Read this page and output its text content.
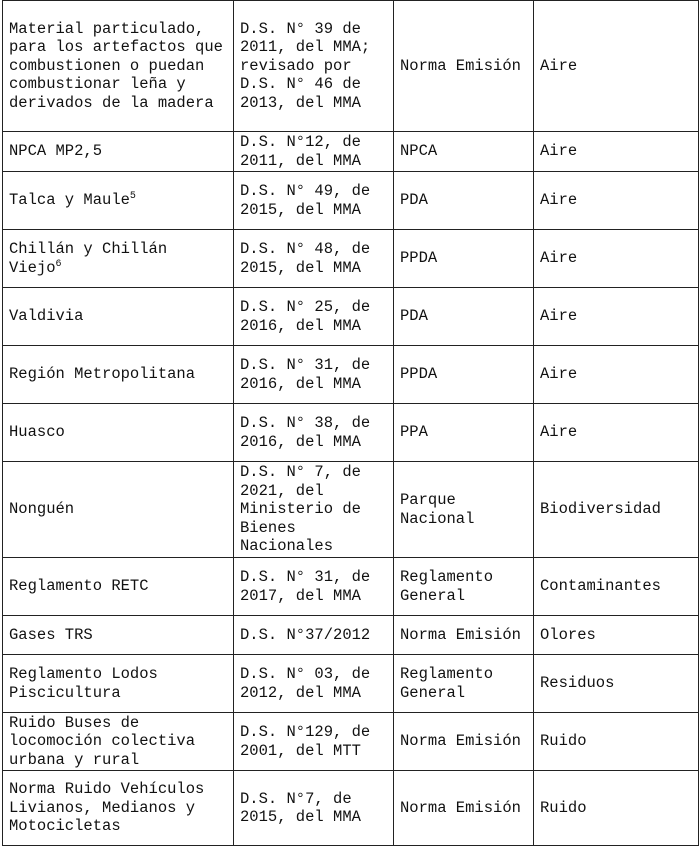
Material particulado, para los artefactos que combustionen o puedan combustionar leña y derivados de la madera	D.S. N° 39 de 2011, del MMA; revisado por D.S. N° 46 de 2013, del MMA	Norma Emisión	Aire
NPCA MP2,5	D.S. N°12, de 2011, del MMA	NPCA	Aire
Talca y Maule$^5$	D.S. N° 49, de 2015, del MMA	PDA	Aire
Chillán y Chillán Viejo$^6$	D.S. N° 48, de 2015, del MMA	PPDA	Aire
Valdivia	D.S. N° 25, de 2016, del MMA	PDA	Aire
Región Metropolitana	D.S. N° 31, de 2016, del MMA	PPDA	Aire
Huasco	D.S. N° 38, de 2016, del MMA	PPA	Aire
Nonguén	D.S. N° 7, de 2021, del Ministerio de Bienes Nacionales	Parque Nacional	Biodiversidad
Reglamento RETC	D.S. N° 31, de 2017, del MMA	Reglamento General	Contaminantes
Gases TRS	D.S. N°37/2012	Norma Emisión	Olores
Reglamento Lodos Piscicultura	D.S. N° 03, de 2012, del MMA	Reglamento General	Residuos
Ruido Buses de locomoción colectiva urbana y rural	D.S. N°129, de 2001, del MTT	Norma Emisión	Ruido
Norma Ruido Vehículos Livianos, Medianos y Motocicletas	D.S. N°7, de 2015, del MMA	Norma Emisión	Ruido
